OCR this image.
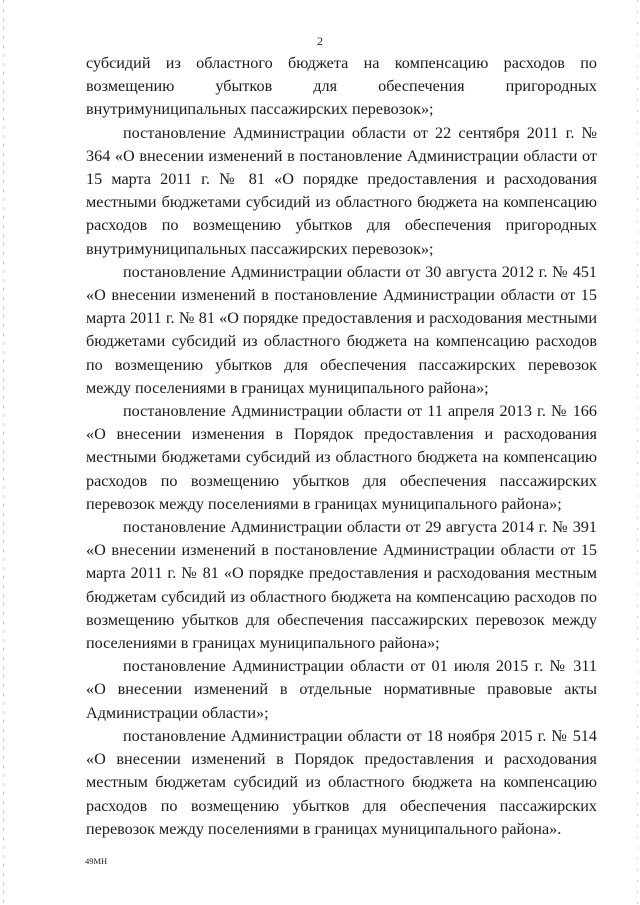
2

субсидий из областного бюджета на компенсацию расходов по возмещению убытков для обеспечения пригородных внутримуниципальных пассажирских перевозок»;

постановление Администрации области от 22 сентября 2011 г. № 364 «О внесении изменений в постановление Администрации области от 15 марта 2011 г. № 81 «О порядке предоставления и расходования местными бюджетами субсидий из областного бюджета на компенсацию расходов по возмещению убытков для обеспечения пригородных внутримуниципальных пассажирских перевозок»;

постановление Администрации области от 30 августа 2012 г. № 451 «О внесении изменений в постановление Администрации области от 15 марта 2011 г. № 81 «О порядке предоставления и расходования местными бюджетами субсидий из областного бюджета на компенсацию расходов по возмещению убытков для обеспечения пассажирских перевозок между поселениями в границах муниципального района»;

постановление Администрации области от 11 апреля 2013 г. № 166 «О внесении изменения в Порядок предоставления и расходования местными бюджетами субсидий из областного бюджета на компенсацию расходов по возмещению убытков для обеспечения пассажирских перевозок между поселениями в границах муниципального района»;

постановление Администрации области от 29 августа 2014 г. № 391 «О внесении изменений в постановление Администрации области от 15 марта 2011 г. № 81 «О порядке предоставления и расходования местным бюджетам субсидий из областного бюджета на компенсацию расходов по возмещению убытков для обеспечения пассажирских перевозок между поселениями в границах муниципального района»;

постановление Администрации области от 01 июля 2015 г. № 311 «О внесении изменений в отдельные нормативные правовые акты Администрации области»;

постановление Администрации области от 18 ноября 2015 г. № 514 «О внесении изменений в Порядок предоставления и расходования местным бюджетам субсидий из областного бюджета на компенсацию расходов по возмещению убытков для обеспечения пассажирских перевозок между поселениями в границах муниципального района».

49МН
